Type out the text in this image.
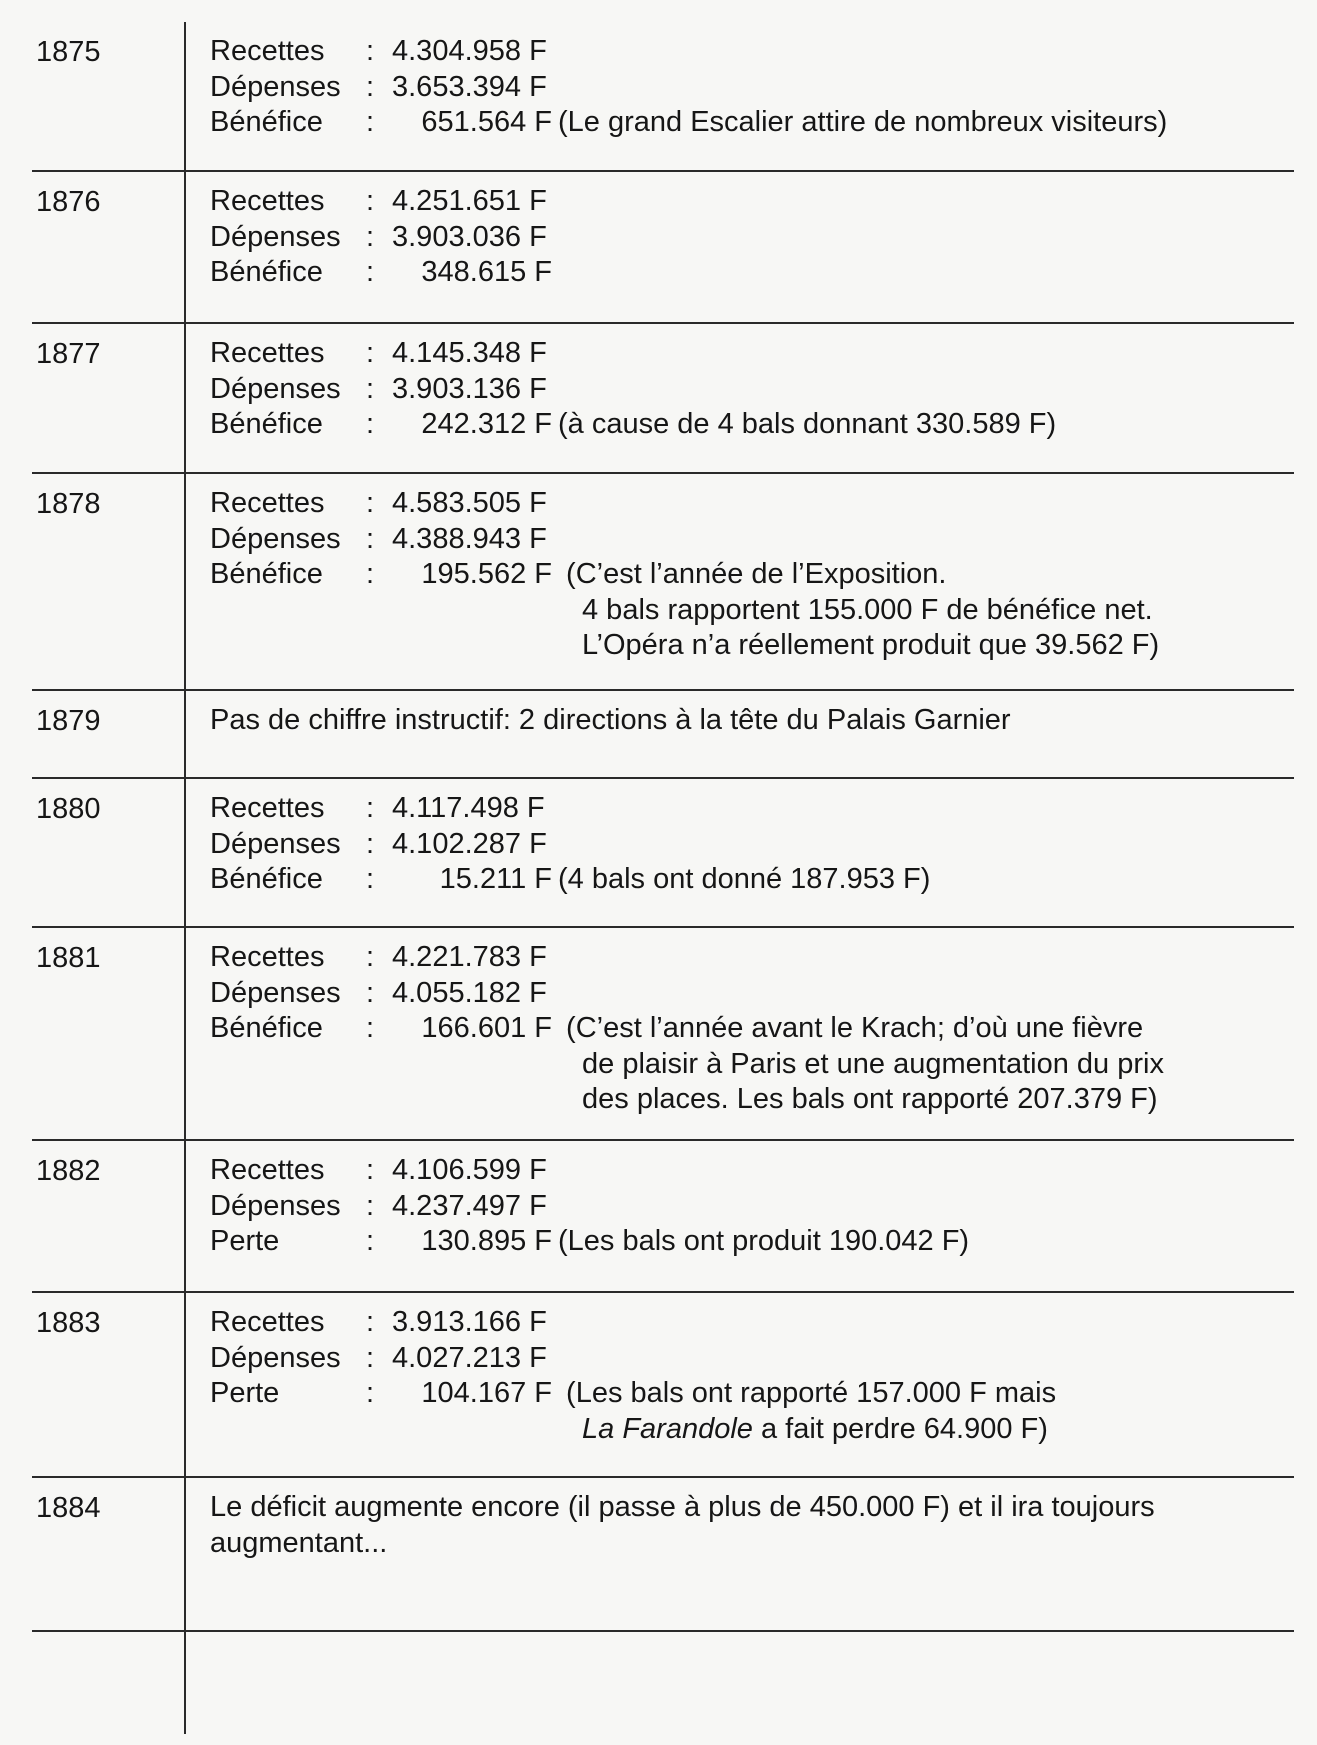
1875	Recettes	: 4.304.958 F
Dépenses : 3.653.394 F
Bénéfice	:	651.564 F (Le grand Escalier attire de nombreux visiteurs)
1876	Recettes	: 4.251.651 F
Dépenses : 3.903.036 F
Bénéfice	:	348.615 F
1877	Recettes	: 4.145.348 F
Dépenses : 3.903.136 F
Bénéfice	:	242.312 F (à cause de 4 bals donnant 330.589 F)
1878	Recettes	: 4.583.505 F
Dépenses : 4.388.943 F
Bénéfice	:	195.562 F (C’est l’année de l’Exposition.
4 bals rapportent 155.000 F de bénéfice net.
L’Opéra n’a réellement produit que 39.562 F)
1879	Pas de chiffre instructif: 2 directions à la tête du Palais Garnier
1880	Recettes	: 4.117.498 F
Dépenses : 4.102.287 F
Bénéfice	:	15.211 F (4 bals ont donné 187.953 F)
1881	Recettes	: 4.221.783 F
Dépenses : 4.055.182 F
Bénéfice	:	166.601 F (C’est l’année avant le Krach; d’où une fièvre
de plaisir à Paris et une augmentation du prix
des places. Les bals ont rapporté 207.379 F)
1882	Recettes	: 4.106.599 F
Dépenses : 4.237.497 F
Perte	:	130.895 F (Les bals ont produit 190.042 F)
1883	Recettes	: 3.913.166 F
Dépenses : 4.027.213 F
Perte	:	104.167 F (Les bals ont rapporté 157.000 F mais
La Farandole a fait perdre 64.900 F)
1884	Le déficit augmente encore (il passe à plus de 450.000 F) et il ira toujours augmentant...
